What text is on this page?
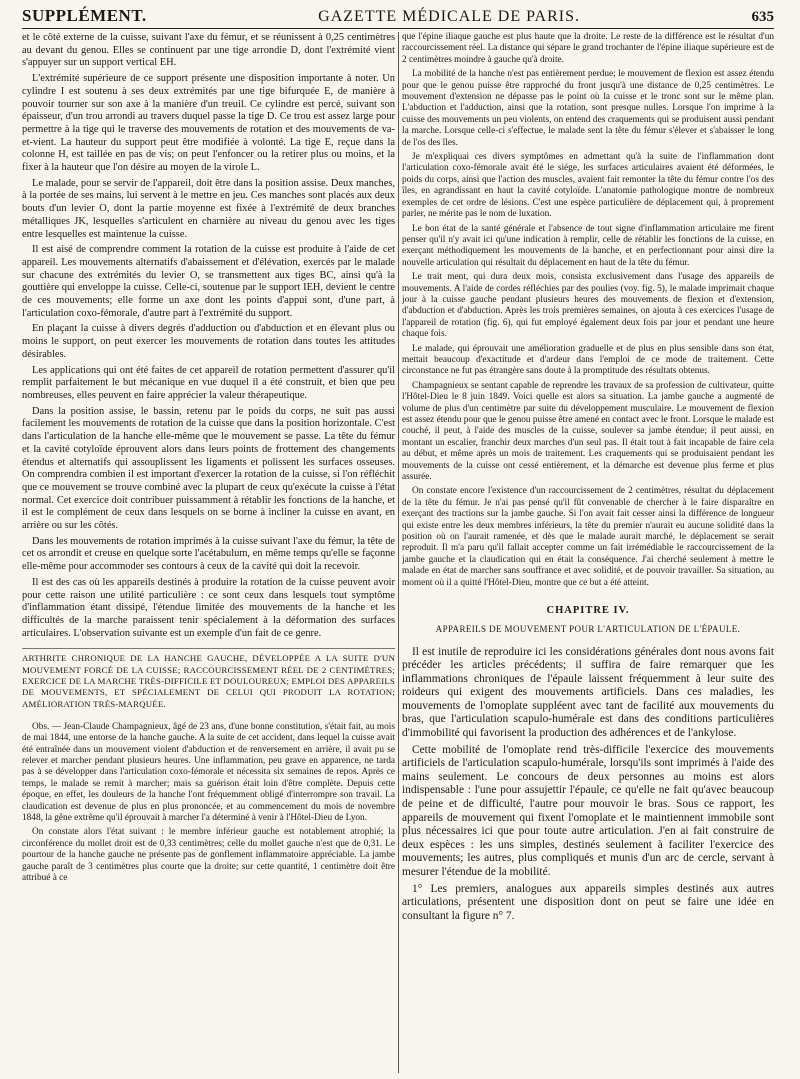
SUPPLÉMENT.	GAZETTE MÉDICALE DE PARIS.	635

et le côté externe de la cuisse, suivant l'axe du fémur, et se réunissent à 0,25 centimètres au devant du genou. Elles se continuent par une tige arrondie D, dont l'extrémité vient s'appuyer sur un support vertical EH.

L'extrémité supérieure de ce support présente une disposition importante à noter. Un cylindre I est soutenu à ses deux extrémités par une tige bifurquée E, de manière à pouvoir tourner sur son axe à la manière d'un treuil. Ce cylindre est percé, suivant son épaisseur, d'un trou arrondi au travers duquel passe la tige D. Ce trou est assez large pour permettre à la tige qui le traverse des mouvements de rotation et des mouvements de va-et-vient. La hauteur du support peut être modifiée à volonté. La tige E, reçue dans la colonne H, est taillée en pas de vis; on peut l'enfoncer ou la retirer plus ou moins, et la fixer à la hauteur que l'on désire au moyen de la virole L.

Le malade, pour se servir de l'appareil, doit être dans la position assise. Deux manches, à la portée de ses mains, lui servent à le mettre en jeu. Ces manches sont placés aux deux bouts d'un levier O, dont la partie moyenne est fixée à l'extrémité de deux branches métalliques JK, lesquelles s'articulent en charnière au niveau du genou avec les tiges entre lesquelles est maintenue la cuisse.

Il est aisé de comprendre comment la rotation de la cuisse est produite à l'aide de cet appareil. Les mouvements alternatifs d'abaissement et d'élévation, exercés par le malade sur chacune des extrémités du levier O, se transmettent aux tiges BC, ainsi qu'à la gouttière qui enveloppe la cuisse. Celle-ci, soutenue par le support IEH, devient le centre de ces mouvements; elle forme un axe dont les points d'appui sont, d'une part, à l'articulation coxo-fémorale, d'autre part à l'extrémité du support.

En plaçant la cuisse à divers degrés d'adduction ou d'abduction et en élevant plus ou moins le support, on peut exercer les mouvements de rotation dans toutes les attitudes désirables.

Les applications qui ont été faites de cet appareil de rotation permettent d'assurer qu'il remplit parfaitement le but mécanique en vue duquel il a été construit, et bien que peu nombreuses, elles peuvent en faire apprécier la valeur thérapeutique.

Dans la position assise, le bassin, retenu par le poids du corps, ne suit pas aussi facilement les mouvements de rotation de la cuisse que dans la position horizontale. C'est dans l'articulation de la hanche elle-même que le mouvement se passe. La tête du fémur et la cavité cotyloïde éprouvent alors dans leurs points de frottement des changements étendus et alternatifs qui assouplissent les ligaments et polissent les surfaces osseuses. On comprendra combien il est important d'exercer la rotation de la cuisse, si l'on réfléchit que ce mouvement se trouve combiné avec la plupart de ceux qu'exécute la cuisse à l'état normal. Cet exercice doit contribuer puissamment à rétablir les fonctions de la hanche, et il est le complément de ceux dans lesquels on se borne à incliner la cuisse en avant, en arrière ou sur les côtés.

Dans les mouvements de rotation imprimés à la cuisse suivant l'axe du fémur, la tête de cet os arrondit et creuse en quelque sorte l'acétabulum, en même temps qu'elle se façonne elle-même pour accommoder ses contours à ceux de la cavité qui doit la recevoir.

Il est des cas où les appareils destinés à produire la rotation de la cuisse peuvent avoir pour cette raison une utilité particulière : ce sont ceux dans lesquels tout symptôme d'inflammation étant dissipé, l'étendue limitée des mouvements de la hanche et les difficultés de la marche paraissent tenir spécialement à la déformation des surfaces articulaires. L'observation suivante est un exemple d'un fait de ce genre.

ARTHRITE CHRONIQUE DE LA HANCHE GAUCHE, DÉVELOPPÉE A LA SUITE D'UN MOUVEMENT FORCÉ DE LA CUISSE; RACCOURCISSEMENT RÉEL DE 2 CENTIMÈTRES; EXERCICE DE LA MARCHE TRÈS-DIFFICILE ET DOULOUREUX; EMPLOI DES APPAREILS DE MOUVEMENTS, ET SPÉCIALEMENT DE CELUI QUI PRODUIT LA ROTATION; AMÉLIORATION TRÈS-MARQUÉE.

Obs. — Jean-Claude Champagnieux, âgé de 23 ans, d'une bonne constitution, s'était fait, au mois de mai 1844, une entorse de la hanche gauche. A la suite de cet accident, dans lequel la cuisse avait été entraînée dans un mouvement violent d'abduction et de renversement en arrière, il avait pu se relever et marcher pendant plusieurs heures. Une inflammation, peu grave en apparence, ne tarda pas à se développer dans l'articulation coxo-fémorale et nécessita six semaines de repos. Après ce temps, le malade se remit à marcher; mais sa guérison était loin d'être complète. Depuis cette époque, en effet, les douleurs de la hanche l'ont fréquemment obligé d'interrompre son travail. La claudication est devenue de plus en plus prononcée, et au commencement du mois de novembre 1848, la gêne extrême qu'il éprouvait à marcher l'a déterminé à venir à l'Hôtel-Dieu de Lyon.

On constate alors l'état suivant : le membre inférieur gauche est notablement atrophié; la circonférence du mollet droit est de 0,33 centimètres; celle du mollet gauche n'est que de 0,31. Le pourtour de la hanche gauche ne présente pas de gonflement inflammatoire appréciable. La jambe gauche paraît de 3 centimètres plus courte que la droite; sur cette quantité, 1 centimètre doit être attribué à ce

que l'épine iliaque gauche est plus haute que la droite. Le reste de la différence est le résultat d'un raccourcissement réel. La distance qui sépare le grand trochanter de l'épine iliaque supérieure est de 2 centimètres moindre à gauche qu'à droite.

La mobilité de la hanche n'est pas entièrement perdue; le mouvement de flexion est assez étendu pour que le genou puisse être rapproché du front jusqu'à une distance de 0,25 centimètres. Le mouvement d'extension ne dépasse pas le point où la cuisse et le tronc sont sur le même plan. L'abduction et l'adduction, ainsi que la rotation, sont presque nulles. Lorsque l'on imprime à la cuisse des mouvements un peu violents, on entend des craquements qui se produisent aussi pendant la marche. Lorsque celle-ci s'effectue, le malade sent la tête du fémur s'élever et s'abaisser le long de l'os des îles.

Je m'expliquai ces divers symptômes en admettant qu'à la suite de l'inflammation dont l'articulation coxo-fémorale avait été le siége, les surfaces articulaires avaient été déformées, le poids du corps, ainsi que l'action des muscles, avaient fait remonter la tête du fémur contre l'os des îles, en agrandissant en haut la cavité cotyloïde. L'anatomie pathologique montre de nombreux exemples de cet ordre de lésions. C'est une espèce particulière de déplacement qui, à proprement parler, ne mérite pas le nom de luxation.

Le bon état de la santé générale et l'absence de tout signe d'inflammation articulaire me firent penser qu'il n'y avait ici qu'une indication à remplir, celle de rétablir les fonctions de la cuisse, en exerçant méthodiquement les mouvements de la hanche, et en perfectionnant pour ainsi dire la nouvelle articulation qui résultait du déplacement en haut de la tête du fémur.

Le trait ment, qui dura deux mois, consista exclusivement dans l'usage des appareils de mouvements. A l'aide de cordes réfléchies par des poulies (voy. fig. 5), le malade imprimait chaque jour à la cuisse gauche pendant plusieurs heures des mouvements de flexion et d'extension, d'abduction et d'abduction. Après les trois premières semaines, on ajouta à ces exercices l'usage de l'appareil de rotation (fig. 6), qui fut employé également deux fois par jour et pendant une heure chaque fois.

Le malade, qui éprouvait une amélioration graduelle et de plus en plus sensible dans son état, mettait beaucoup d'exactitude et d'ardeur dans l'emploi de ce mode de traitement. Cette circonstance ne fut pas étrangère sans doute à la promptitude des résultats obtenus.

Champagnieux se sentant capable de reprendre les travaux de sa profession de cultivateur, quitte l'Hôtel-Dieu le 8 juin 1849. Voici quelle est alors sa situation. La jambe gauche a augmenté de volume de plus d'un centimètre par suite du développement musculaire. Le mouvement de flexion est assez étendu pour que le genou puisse être amené en contact avec le front. Lorsque le malade est couché, il peut, à l'aide des muscles de la cuisse, soulever sa jambe étendue; il peut aussi, en montant un escalier, franchir deux marches d'un seul pas. Il était tout à fait incapable de faire cela au début, et même après un mois de traitement. Les craquements qui se produisaient pendant les mouvements de la cuisse ont cessé entièrement, et la démarche est devenue plus ferme et plus assurée.

On constate encore l'existence d'un raccourcissement de 2 centimètres, résultat du déplacement de la tête du fémur. Je n'ai pas pensé qu'il fût convenable de chercher à le faire disparaître en exerçant des tractions sur la jambe gauche. Si l'on avait fait cesser ainsi la différence de longueur qui existe entre les deux membres inférieurs, la tête du premier n'aurait eu aucune solidité dans la position où on l'aurait ramenée, et dès que le malade aurait marché, le déplacement se serait reproduit. Il m'a paru qu'il fallait accepter comme un fait irrémédiable le raccourcissement de la jambe gauche et la claudication qui en était la conséquence. J'ai cherché seulement à mettre le malade en état de marcher sans souffrance et avec solidité, et de pouvoir travailler. Sa situation, au moment où il a quitté l'Hôtel-Dieu, montre que ce but a été atteint.

CHAPITRE IV.
APPAREILS DE MOUVEMENT POUR L'ARTICULATION DE L'ÉPAULE.

Il est inutile de reproduire ici les considérations générales dont nous avons fait précéder les articles précédents; il suffira de faire remarquer que les inflammations chroniques de l'épaule laissent fréquemment à leur suite des roideurs qui exigent des mouvements artificiels. Dans ces maladies, les mouvements de l'omoplate suppléent avec tant de facilité aux mouvements du bras, que l'articulation scapulo-humérale est dans des conditions particulières d'immobilité qui favorisent la production des adhérences et de l'ankylose.

Cette mobilité de l'omoplate rend très-difficile l'exercice des mouvements artificiels de l'articulation scapulo-humérale, lorsqu'ils sont imprimés à l'aide des mains seulement. Le concours de deux personnes au moins est alors indispensable : l'une pour assujettir l'épaule, ce qu'elle ne fait qu'avec beaucoup de peine et de difficulté, l'autre pour mouvoir le bras. Sous ce rapport, les appareils de mouvement qui fixent l'omoplate et le maintiennent immobile sont plus nécessaires ici que pour toute autre articulation. J'en ai fait construire de deux espèces : les uns simples, destinés seulement à faciliter l'exercice des mouvements; les autres, plus compliqués et munis d'un arc de cercle, servant à mesurer l'étendue de la mobilité.

1° Les premiers, analogues aux appareils simples destinés aux autres articulations, présentent une disposition dont on peut se faire une idée en consultant la figure n° 7.
